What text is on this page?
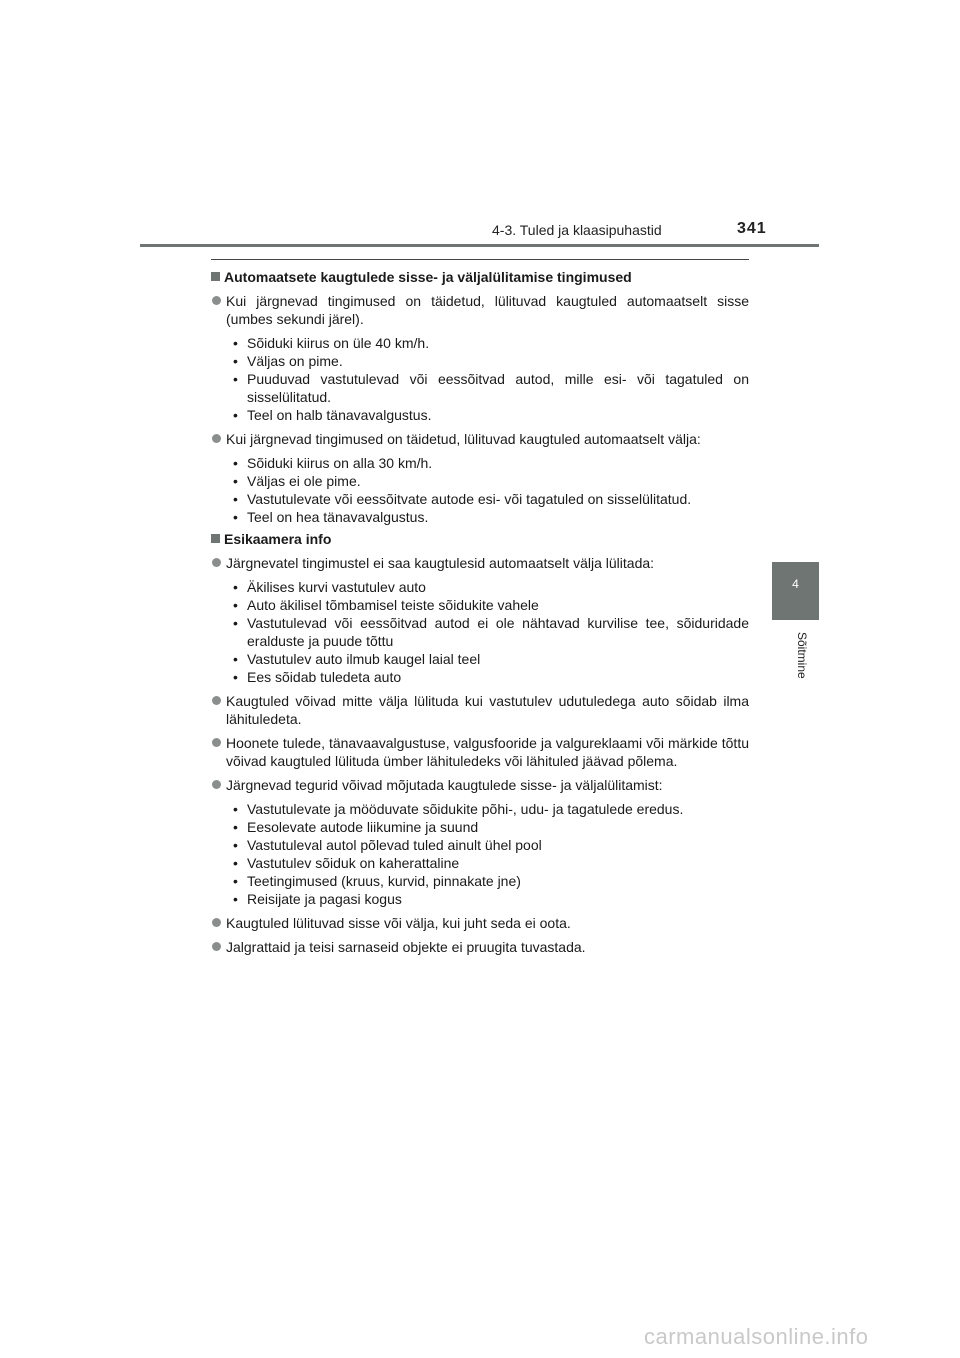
4-3. Tuled ja klaasipuhastid	341
4
Sõitmine
Automaatsete kaugtulede sisse- ja väljalülitamise tingimused
Kui järgnevad tingimused on täidetud, lülituvad kaugtuled automaatselt sisse (umbes sekundi järel).
• Sõiduki kiirus on üle 40 km/h.
• Väljas on pime.
• Puuduvad vastutulevad või eessõitvad autod, mille esi- või tagatuled on sisselülitatud.
• Teel on halb tänavavalgustus.
Kui järgnevad tingimused on täidetud, lülituvad kaugtuled automaatselt välja:
• Sõiduki kiirus on alla 30 km/h.
• Väljas ei ole pime.
• Vastutulevate või eessõitvate autode esi- või tagatuled on sisselülitatud.
• Teel on hea tänavavalgustus.
Esikaamera info
Järgnevatel tingimustel ei saa kaugtulesid automaatselt välja lülitada:
• Äkilises kurvi vastutulev auto
• Auto äkilisel tõmbamisel teiste sõidukite vahele
• Vastutulevad või eessõitvad autod ei ole nähtavad kurvilise tee, sõiduridade eralduste ja puude tõttu
• Vastutulev auto ilmub kaugel laial teel
• Ees sõidab tuledeta auto
Kaugtuled võivad mitte välja lülituda kui vastutulev udutuledega auto sõidab ilma lähituledeta.
Hoonete tulede, tänavaavalgustuse, valgusfooride ja valgureklaami või märkide tõttu võivad kaugtuled lülituda ümber lähituledeks või lähituled jäävad põlema.
Järgnevad tegurid võivad mõjutada kaugtulede sisse- ja väljalülitamist:
• Vastutulevate ja mööduvate sõidukite põhi-, udu- ja tagatulede eredus.
• Eesolevate autode liikumine ja suund
• Vastutuleval autol põlevad tuled ainult ühel pool
• Vastutulev sõiduk on kaherattaline
• Teetingimused (kruus, kurvid, pinnakate jne)
• Reisijate ja pagasi kogus
Kaugtuled lülituvad sisse või välja, kui juht seda ei oota.
Jalgrattaid ja teisi sarnaseid objekte ei pruugita tuvastada.
carmanualsonline.info
